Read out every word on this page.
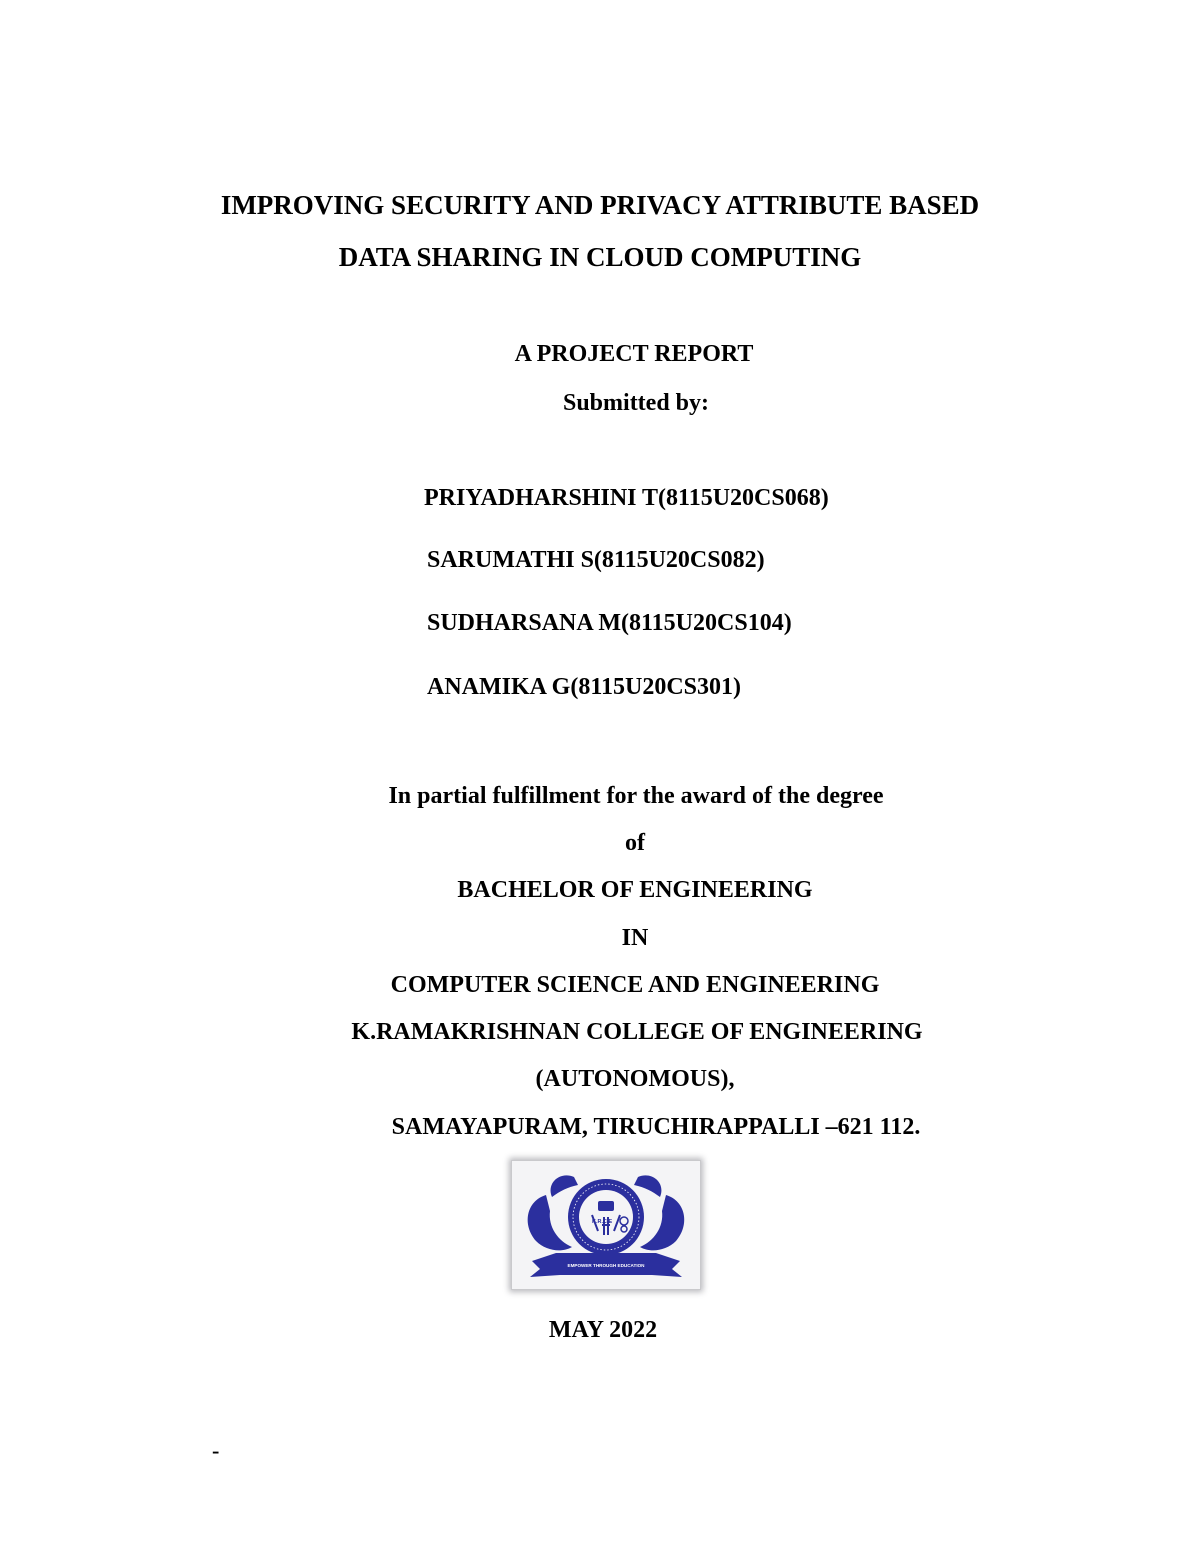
IMPROVING SECURITY AND PRIVACY ATTRIBUTE BASED
DATA SHARING IN CLOUD COMPUTING
A PROJECT REPORT
Submitted by:
PRIYADHARSHINI T(8115U20CS068)
SARUMATHI S(8115U20CS082)
SUDHARSANA M(8115U20CS104)
ANAMIKA G(8115U20CS301)
In partial fulfillment for the award of the degree
of
BACHELOR OF ENGINEERING
IN
COMPUTER SCIENCE AND ENGINEERING
K.RAMAKRISHNAN COLLEGE OF ENGINEERING
(AUTONOMOUS),
SAMAYAPURAM, TIRUCHIRAPPALLI –621 112.
K.R.C.E
EMPOWER THROUGH EDUCATION
MAY 2022
-
